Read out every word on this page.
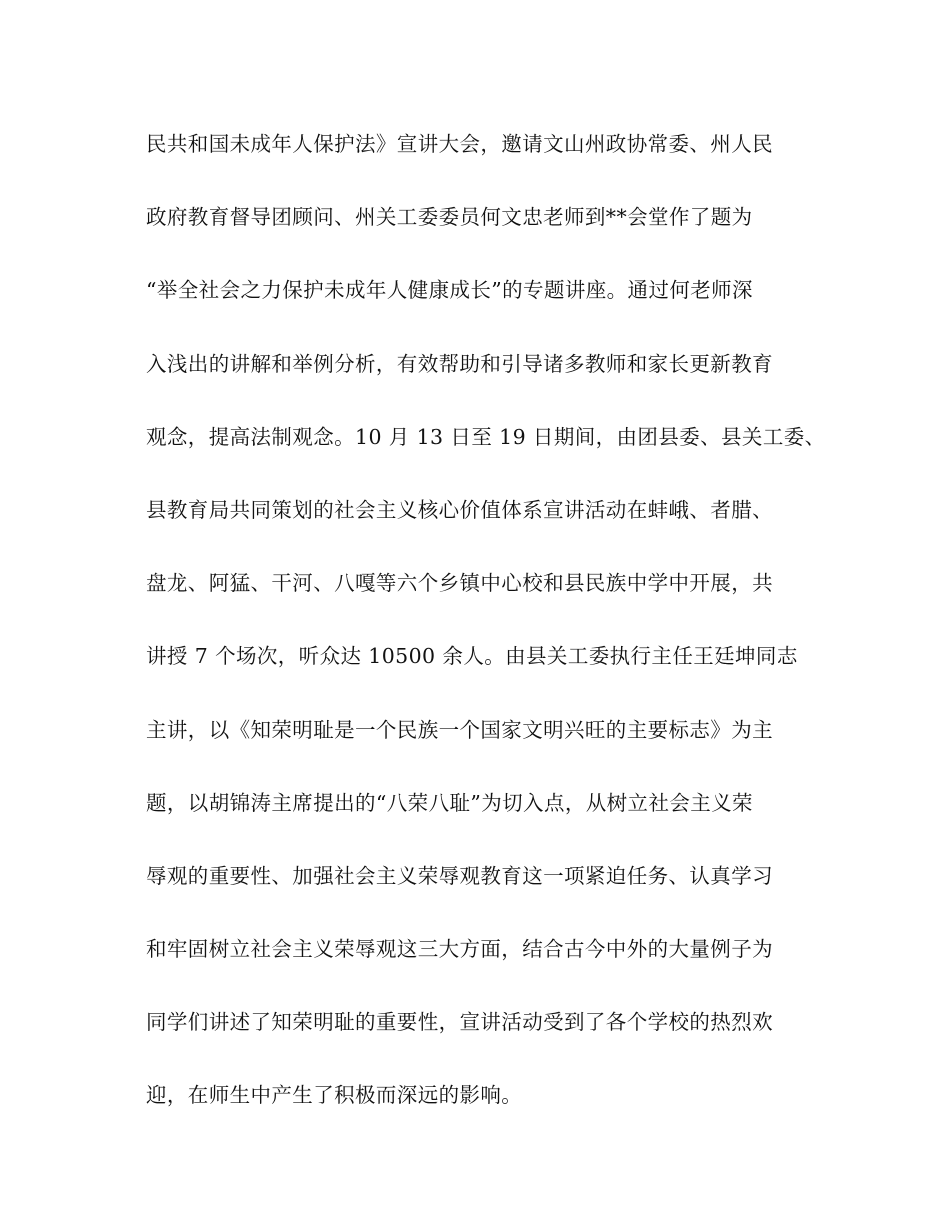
民共和国未成年人保护法》宣讲大会，邀请文山州政协常委、州人民
政府教育督导团顾问、州关工委委员何文忠老师到**会堂作了题为
“举全社会之力保护未成年人健康成长”的专题讲座。通过何老师深
入浅出的讲解和举例分析，有效帮助和引导诸多教师和家长更新教育
观念，提高法制观念。10 月 13 日至 19 日期间，由团县委、县关工委、
县教育局共同策划的社会主义核心价值体系宣讲活动在蚌峨、者腊、
盘龙、阿猛、干河、八嘎等六个乡镇中心校和县民族中学中开展，共
讲授 7 个场次，听众达 10500 余人。由县关工委执行主任王廷坤同志
主讲，以《知荣明耻是一个民族一个国家文明兴旺的主要标志》为主
题，以胡锦涛主席提出的“八荣八耻”为切入点，从树立社会主义荣
辱观的重要性、加强社会主义荣辱观教育这一项紧迫任务、认真学习
和牢固树立社会主义荣辱观这三大方面，结合古今中外的大量例子为
同学们讲述了知荣明耻的重要性，宣讲活动受到了各个学校的热烈欢
迎，在师生中产生了积极而深远的影响。
